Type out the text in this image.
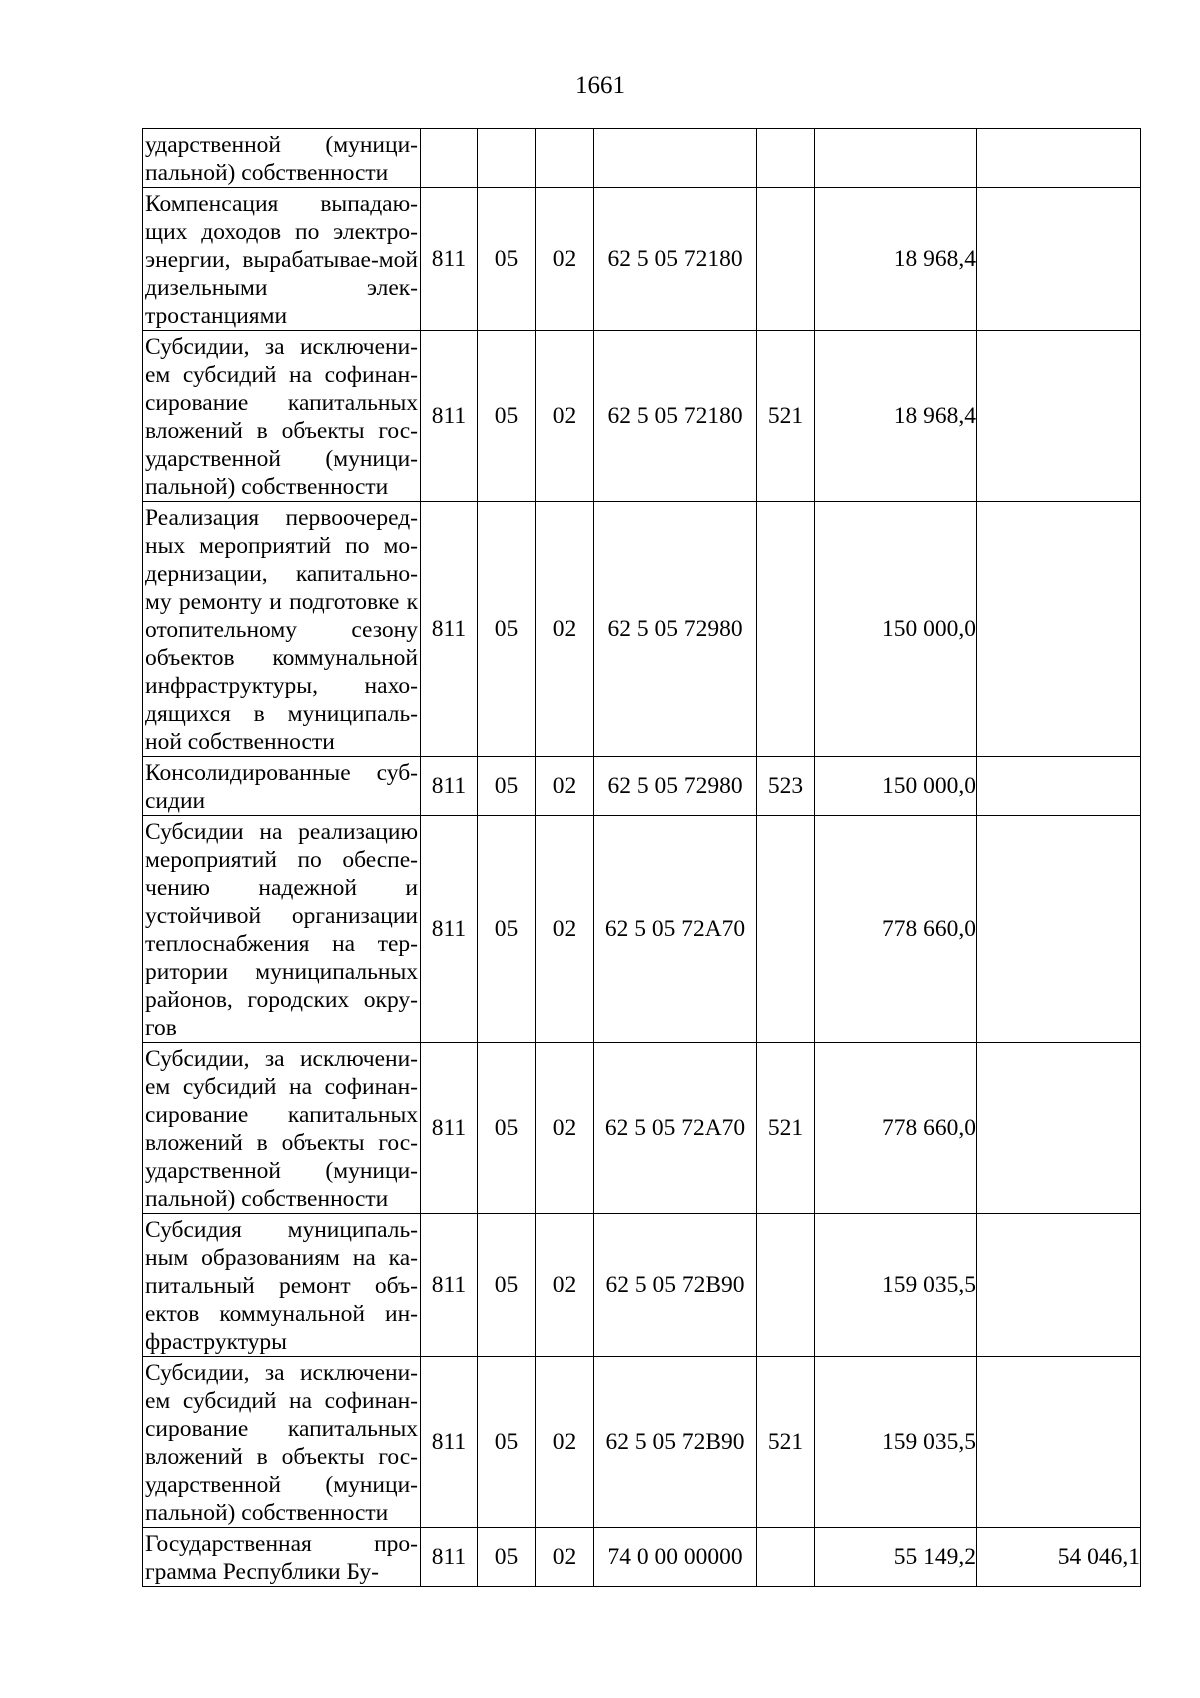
1661
ударственной (муници-пальной) собственности							
Компенсация выпадаю-щих доходов по электро-энергии, вырабатывае-мой дизельными элек-тростанциями	811	05	02	62 5 05 72180		18 968,4	
Субсидии, за исключени-ем субсидий на софинан-сирование капитальных вложений в объекты гос-ударственной (муници-пальной) собственности	811	05	02	62 5 05 72180	521	18 968,4	
Реализация первоочеред-ных мероприятий по мо-дернизации, капитально-му ремонту и подготовке к отопительному сезону объектов коммунальной инфраструктуры, нахо-дящихся в муниципаль-ной собственности	811	05	02	62 5 05 72980		150 000,0	
Консолидированные суб-сидии	811	05	02	62 5 05 72980	523	150 000,0	
Субсидии на реализацию мероприятий по обеспе-чению надежной и устойчивой организации теплоснабжения на тер-ритории муниципальных районов, городских окру-гов	811	05	02	62 5 05 72А70		778 660,0	
Субсидии, за исключени-ем субсидий на софинан-сирование капитальных вложений в объекты гос-ударственной (муници-пальной) собственности	811	05	02	62 5 05 72А70	521	778 660,0	
Субсидия муниципаль-ным образованиям на ка-питальный ремонт объ-ектов коммунальной ин-фраструктуры	811	05	02	62 5 05 72В90		159 035,5	
Субсидии, за исключени-ем субсидий на софинан-сирование капитальных вложений в объекты гос-ударственной (муници-пальной) собственности	811	05	02	62 5 05 72В90	521	159 035,5	
Государственная про-грамма Республики Бу-	811	05	02	74 0 00 00000		55 149,2	54 046,1
